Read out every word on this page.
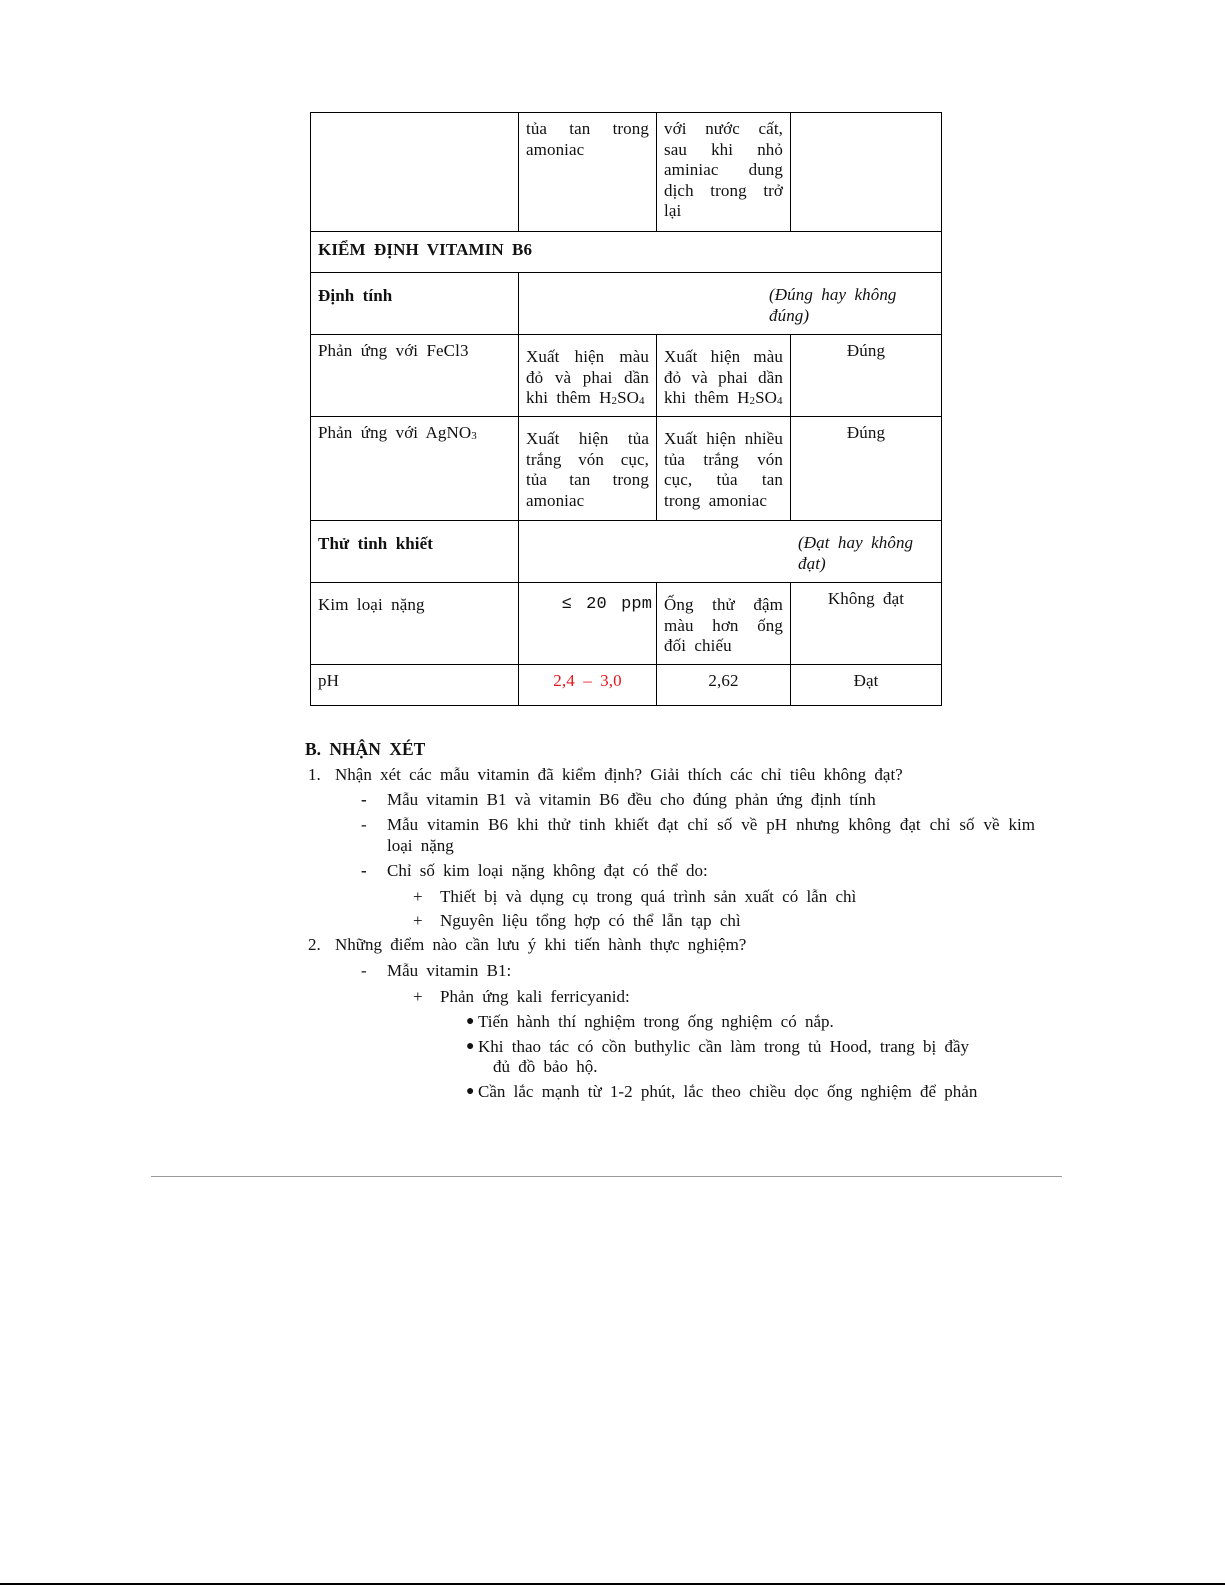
	tủa tan trong amoniac	với nước cất, sau khi nhỏ aminiac dung dịch trong trở lại	
KIỂM ĐỊNH VITAMIN B6			
Định tính	(Đúng hay không đúng)		
Phản ứng với FeCl3	Xuất hiện màu đỏ và phai dần khi thêm $H_2SO_4$	Xuất hiện màu đỏ và phai dần khi thêm $H_2SO_4$	Đúng
Phản ứng với AgNO$_3$	Xuất hiện tủa trắng vón cục, tủa tan trong amoniac	Xuất hiện nhiều tủa trắng vón cục, tủa tan trong amoniac	Đúng
Thử tinh khiết	(Đạt hay không đạt)		
Kim loại nặng	≤ 20 ppm	Ống thử đậm màu hơn ống đối chiếu	Không đạt
pH	2,4 – 3,0	2,62	Đạt
B. NHẬN XÉT
1. Nhận xét các mẫu vitamin đã kiểm định? Giải thích các chỉ tiêu không đạt?
- Mẫu vitamin B1 và vitamin B6 đều cho đúng phản ứng định tính
- Mẫu vitamin B6 khi thử tinh khiết đạt chỉ số về pH nhưng không đạt chỉ số về kim loại nặng
- Chỉ số kim loại nặng không đạt có thể do:
+ Thiết bị và dụng cụ trong quá trình sản xuất có lẫn chì
+ Nguyên liệu tổng hợp có thể lẫn tạp chì
2. Những điểm nào cần lưu ý khi tiến hành thực nghiệm?
- Mẫu vitamin B1:
+ Phản ứng kali ferricyanid:
● Tiến hành thí nghiệm trong ống nghiệm có nắp.
● Khi thao tác có cồn buthylic cần làm trong tủ Hood, trang bị đầy
đủ đồ bảo hộ.
● Cần lắc mạnh từ 1-2 phút, lắc theo chiều dọc ống nghiệm để phản
